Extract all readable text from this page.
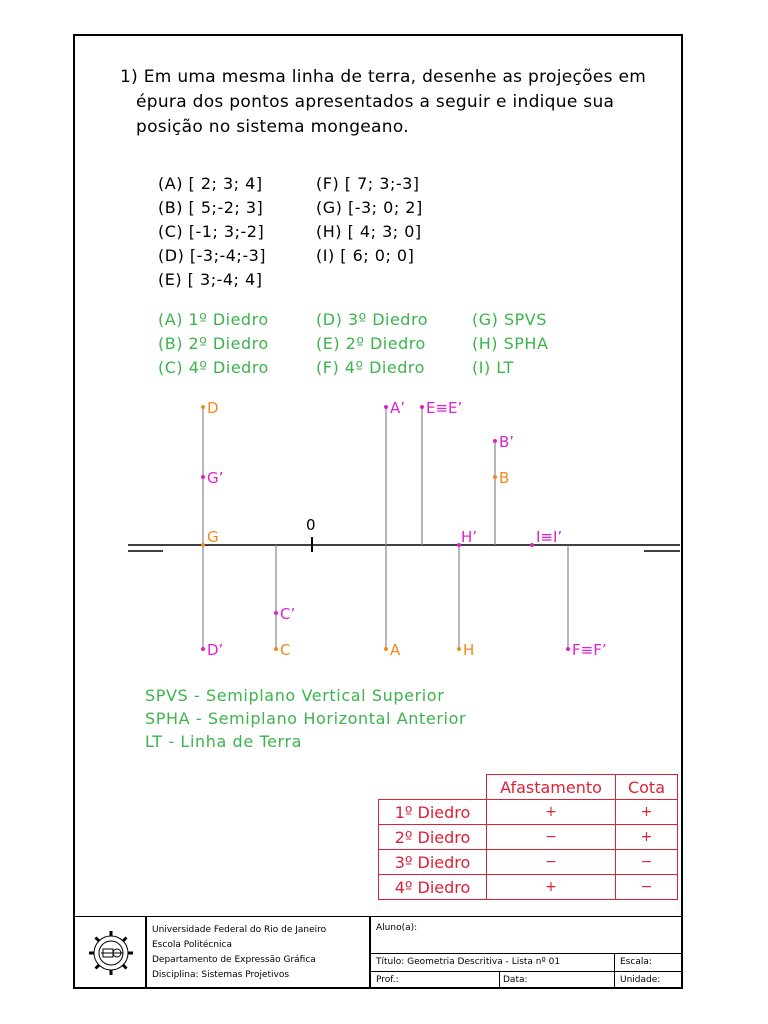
1) Em uma mesma linha de terra, desenhe as projeções em
épura dos pontos apresentados a seguir e indique sua
posição no sistema mongeano.
(A) [ 2; 3; 4]
(B) [ 5;-2; 3]
(C) [-1; 3;-2]
(D) [-3;-4;-3]
(E) [ 3;-4; 4]
(F) [ 7; 3;-3]
(G) [-3; 0; 2]
(H) [ 4; 3; 0]
(I) [ 6; 0; 0]
(A) 1º Diedro
(B) 2º Diedro
(C) 4º Diedro
(D) 3º Diedro
(E) 2º Diedro
(F) 4º Diedro
(G) SPVS
(H) SPHA
(I) LT
0
D
G’
G
D’
C’
C
A’
A
E≡E’
B’
B
H’
H
I≡I’
F≡F’
SPVS - Semiplano Vertical Superior
SPHA - Semiplano Horizontal Anterior
LT - Linha de Terra
	Afastamento	Cota
1º Diedro	+	+
2º Diedro	−	+
3º Diedro	−	−
4º Diedro	+	−
Universidade Federal do Rio de Janeiro
Escola Politécnica
Departamento de Expressão Gráfica
Disciplina: Sistemas Projetivos
Aluno(a):
Título: Geometria Descritiva - Lista nº 01	Escala:
Prof.:	Data:	Unidade:
